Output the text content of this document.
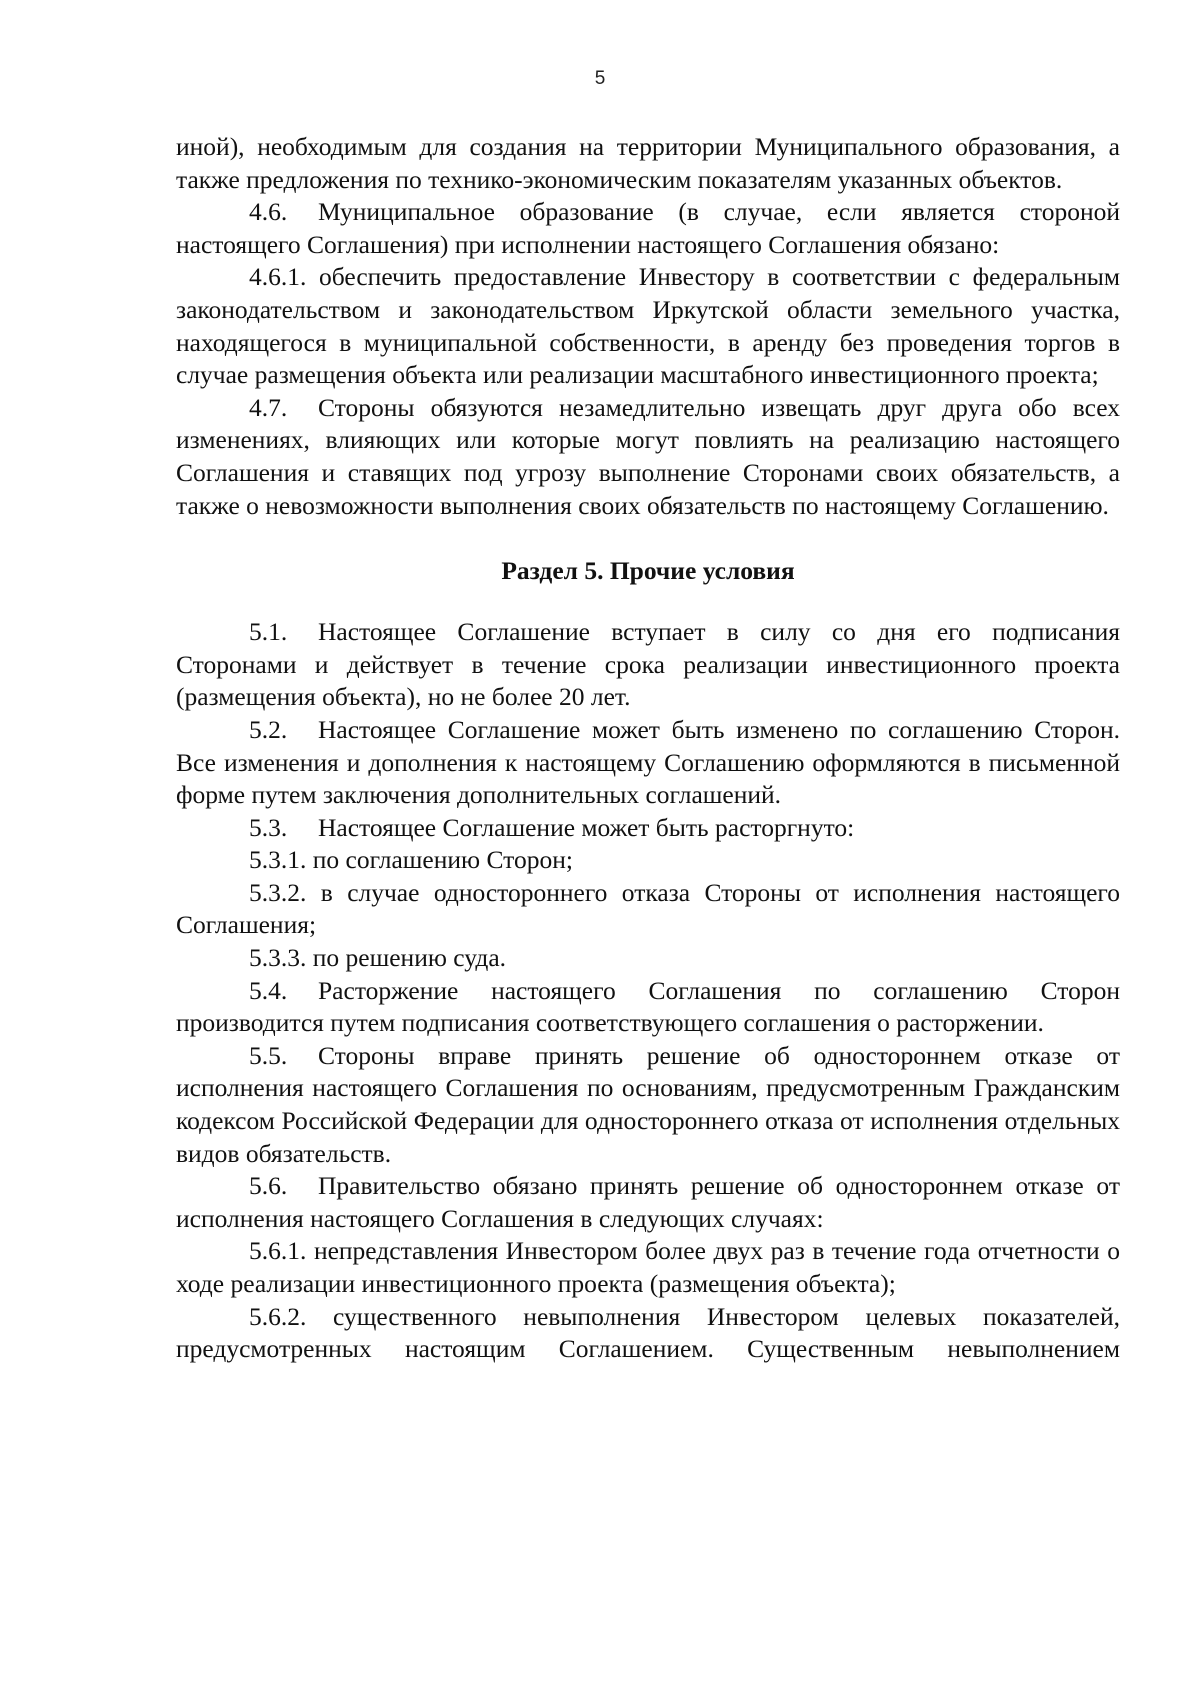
5

иной), необходимым для создания на территории Муниципального образования, а также предложения по технико-экономическим показателям указанных объектов.

4.6. Муниципальное образование (в случае, если является стороной настоящего Соглашения) при исполнении настоящего Соглашения обязано:

4.6.1. обеспечить предоставление Инвестору в соответствии с федеральным законодательством и законодательством Иркутской области земельного участка, находящегося в муниципальной собственности, в аренду без проведения торгов в случае размещения объекта или реализации масштабного инвестиционного проекта;

4.7. Стороны обязуются незамедлительно извещать друг друга обо всех изменениях, влияющих или которые могут повлиять на реализацию настоящего Соглашения и ставящих под угрозу выполнение Сторонами своих обязательств, а также о невозможности выполнения своих обязательств по настоящему Соглашению.

Раздел 5. Прочие условия

5.1. Настоящее Соглашение вступает в силу со дня его подписания Сторонами и действует в течение срока реализации инвестиционного проекта (размещения объекта), но не более 20 лет.

5.2. Настоящее Соглашение может быть изменено по соглашению Сторон. Все изменения и дополнения к настоящему Соглашению оформляются в письменной форме путем заключения дополнительных соглашений.

5.3. Настоящее Соглашение может быть расторгнуто:

5.3.1. по соглашению Сторон;

5.3.2. в случае одностороннего отказа Стороны от исполнения настоящего Соглашения;

5.3.3. по решению суда.

5.4. Расторжение настоящего Соглашения по соглашению Сторон производится путем подписания соответствующего соглашения о расторжении.

5.5. Стороны вправе принять решение об одностороннем отказе от исполнения настоящего Соглашения по основаниям, предусмотренным Гражданским кодексом Российской Федерации для одностороннего отказа от исполнения отдельных видов обязательств.

5.6. Правительство обязано принять решение об одностороннем отказе от исполнения настоящего Соглашения в следующих случаях:

5.6.1. непредставления Инвестором более двух раз в течение года отчетности о ходе реализации инвестиционного проекта (размещения объекта);

5.6.2. существенного невыполнения Инвестором целевых показателей, предусмотренных настоящим Соглашением. Существенным невыполнением
